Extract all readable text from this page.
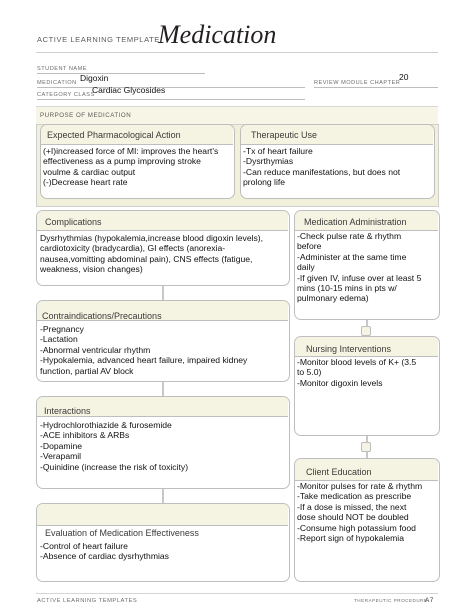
ACTIVE LEARNING TEMPLATE:
Medication
STUDENT NAME
MEDICATION Digoxin	REVIEW MODULE CHAPTER
20
CATEGORY CLASS
Cardiac Glycosides
PURPOSE OF MEDICATION
Expected Pharmacological Action
(+I)increased force of MI: improves the heart's
effectiveness as a pump improving stroke
voulme & cardiac output
(-)Decrease heart rate
Therapeutic Use
-Tx of heart failure
-Dysrthymias
-Can reduce manifestations, but does not
prolong life
Complications
Dysrhythmias (hypokalemia,increase blood digoxin levels),
cardiotoxicity (bradycardia), GI effects (anorexia-
nausea,vomitting abdominal pain), CNS effects (fatigue,
weakness, vision changes)
Medication Administration
-Check pulse rate & rhythm
before
-Administer at the same time
daily
-If given IV, infuse over at least 5
mins (10-15 mins in pts w/
pulmonary edema)
Contraindications/Precautions
-Pregnancy
-Lactation
-Abnormal ventricular rhythm
-Hypokalemia, advanced heart failure, impaired kidney
function, partial AV block
Nursing Interventions
-Monitor blood levels of K+ (3.5
to 5.0)
-Monitor digoxin levels
Interactions
-Hydrochlorothiazide & furosemide
-ACE inhibitors & ARBs
-Dopamine
-Verapamil
-Quinidine (increase the risk of toxicity)
Client Education
-Monitor pulses for rate & rhythm
-Take medication as prescribe
-If a dose is missed, the next
dose should NOT be doubled
-Consume high potassium food
-Report sign of hypokalemia
Evaluation of Medication Effectiveness
-Control of heart failure
-Absence of cardiac dysrhythmias
ACTIVE LEARNING TEMPLATES	THERAPEUTIC PROCEDURE
A7
